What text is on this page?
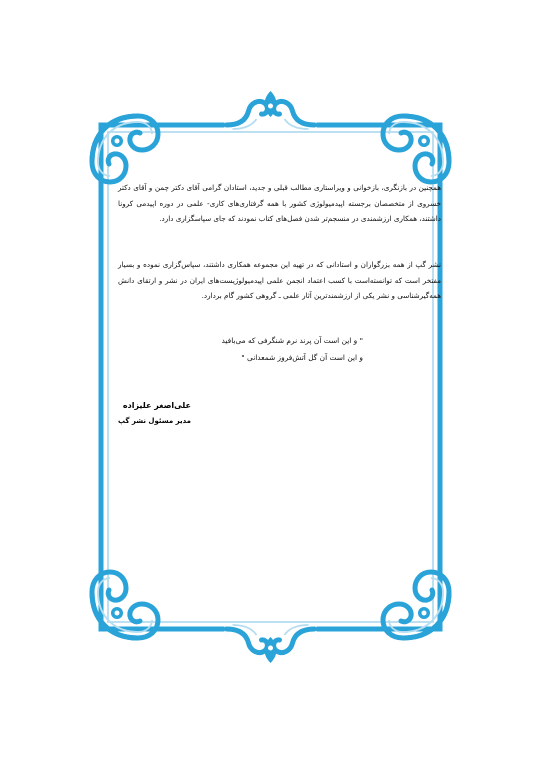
همچنین در بازنگری، بازخوانی و ویراستاری مطالب قبلی و جدید، استادان گرامی آقای دکتر چمن و آقای دکتر خسروی از متخصصان برجسته اپیدمیولوژی کشور با همه گرفتاری‌های کاری- علمی در دوره اپیدمی کرونا داشتند، همکاری ارزشمندی در منسجم‌تر شدن فصل‌های کتاب نمودند که جای سپاسگزاری دارد.

نشر گپ از همه بزرگواران و استادانی که در تهیه این مجموعه همکاری داشتند، سپاس‌گزاری نموده و بسیار مفتخر است که توانسته‌است با کسب اعتماد انجمن علمی اپیدمیولوژیست‌های ایران در نشر و ارتقای دانش همه‌گیرشناسی و نشر یکی از ارزشمندترین آثار علمی ـ گروهی کشور گام بردارد.

" و این است آن پرند نرم شنگرفی که می‌بافید
و این است آن گل آتش‌فروز شمعدانی "
علی‌اصغر علیزاده
مدیر مسئول نشر گپ
